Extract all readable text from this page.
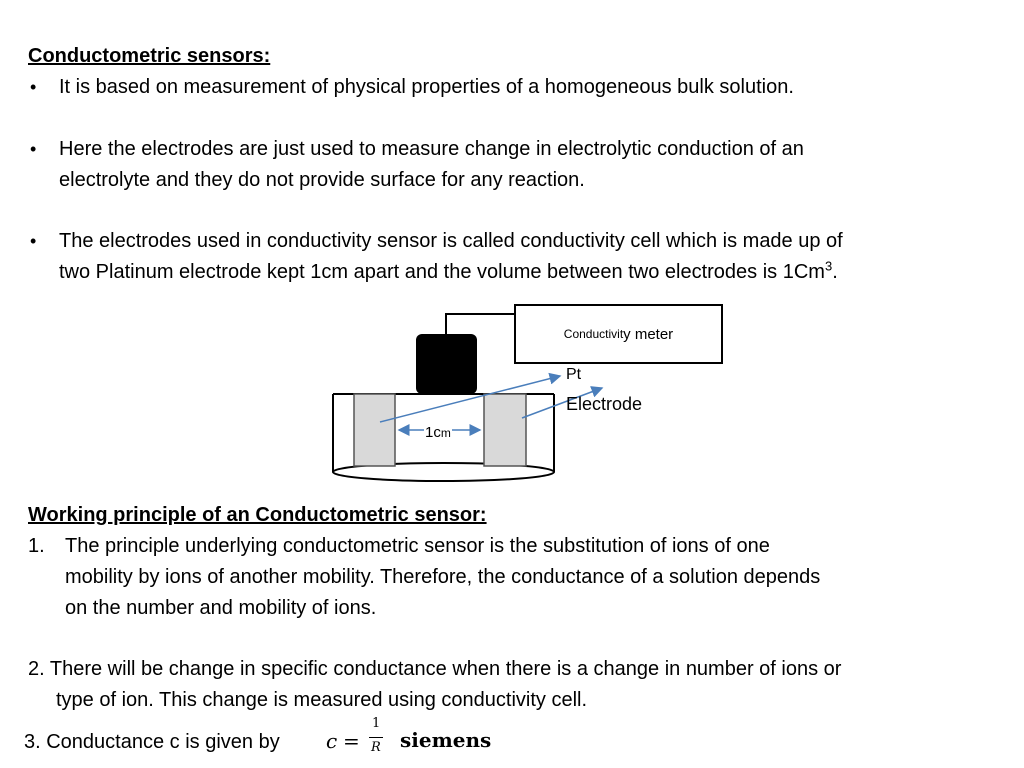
Conductometric sensors:
• It is based on measurement of physical properties of a homogeneous bulk solution.
• Here the electrodes are just used to measure change in electrolytic conduction of an
electrolyte and they do not provide surface for any reaction.
• The electrodes used in conductivity sensor is called conductivity cell which is made up of
two Platinum electrode kept 1cm apart and the volume between two electrodes is 1Cm$^3$.
Conductivit y meter
Pt
Electrode
1cm
Working principle of an Conductometric sensor:
1. The principle underlying conductometric sensor is the substitution of ions of one
mobility by ions of another mobility. Therefore, the conductance of a solution depends
on the number and mobility of ions.
2. There will be change in specific conductance when there is a change in number of ions or
type of ion. This change is measured using conductivity cell.
3. Conductance c is given by c =
1
R siemens
